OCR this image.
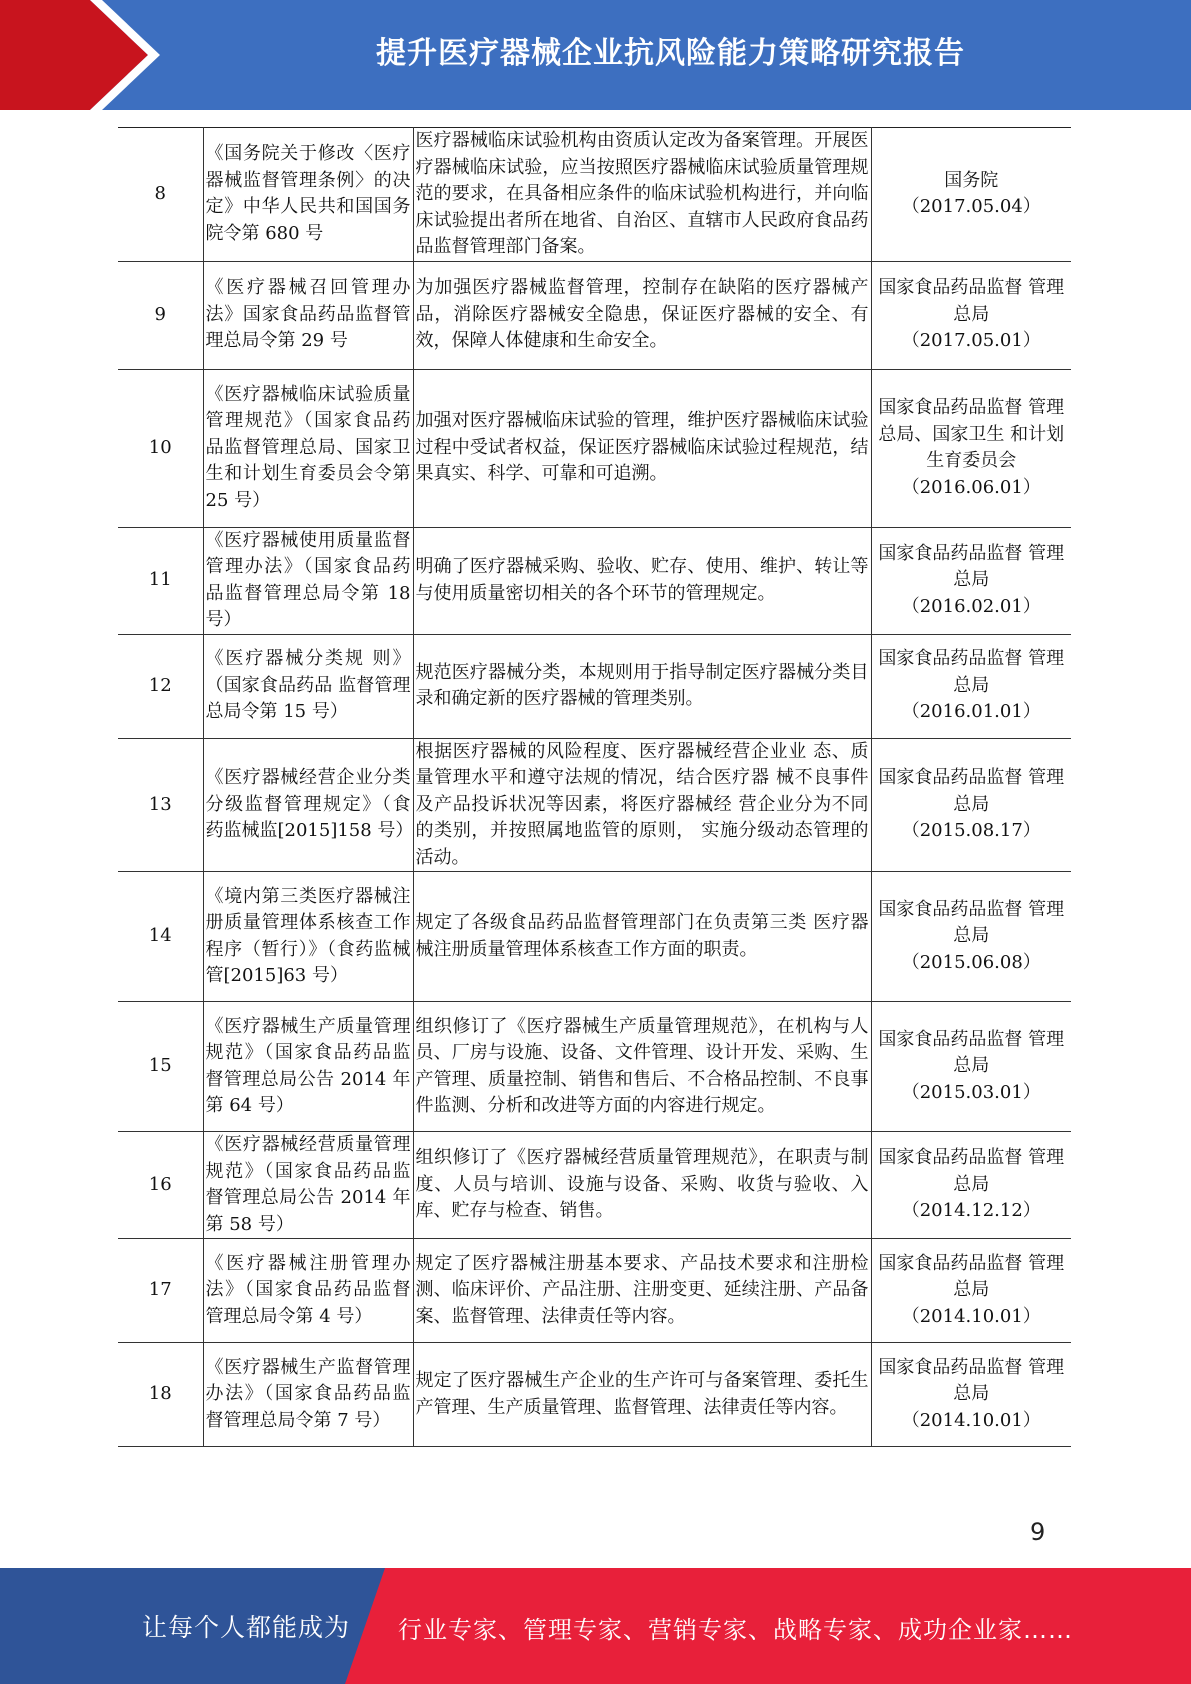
提升医疗器械企业抗风险能力策略研究报告
8	《国务院关于修改〈医疗器械监督管理条例〉的决定》中华人民共和国国务院令第 680 号	医疗器械临床试验机构由资质认定改为备案管理。开展医疗器械临床试验，应当按照医疗器械临床试验质量管理规范的要求，在具备相应条件的临床试验机构进行，并向临床试验提出者所在地省、自治区、直辖市人民政府食品药品监督管理部门备案。	国务院
（2017.05.04）

9	《医疗器械召回管理办法》国家食品药品监督管理总局令第 29 号	为加强医疗器械监督管理，控制存在缺陷的医疗器械产品，消除医疗器械安全隐患，保证医疗器械的安全、有效，保障人体健康和生命安全。	国家食品药品监督 管理总局
（2017.05.01）

10	《医疗器械临床试验质量管理规范》（国家食品药品监督管理总局、国家卫生和计划生育委员会令第 25 号）	加强对医疗器械临床试验的管理，维护医疗器械临床试验过程中受试者权益，保证医疗器械临床试验过程规范，结果真实、科学、可靠和可追溯。	国家食品药品监督 管理总局、国家卫生 和计划生育委员会
（2016.06.01）

11	《医疗器械使用质量监督管理办法》（国家食品药品监督管理总局令第 18 号）	明确了医疗器械采购、验收、贮存、使用、维护、转让等与使用质量密切相关的各个环节的管理规定。	国家食品药品监督 管理总局
（2016.02.01）

12	《医疗器械分类规 则》（国家食品药品 监督管理总局令第 15 号）	规范医疗器械分类，本规则用于指导制定医疗器械分类目录和确定新的医疗器械的管理类别。	国家食品药品监督 管理总局
（2016.01.01）

13	《医疗器械经营企业分类分级监督管理规定》（食药监械监[2015]158 号）	根据医疗器械的风险程度、医疗器械经营企业业 态、质量管理水平和遵守法规的情况，结合医疗器 械不良事件及产品投诉状况等因素，将医疗器械经 营企业分为不同的类别，并按照属地监管的原则， 实施分级动态管理的活动。	国家食品药品监督 管理总局
（2015.08.17）

14	《境内第三类医疗器械注册质量管理体系核查工作程序（暂行）》（食药监械管[2015]63 号）	规定了各级食品药品监督管理部门在负责第三类 医疗器械注册质量管理体系核查工作方面的职责。	国家食品药品监督 管理总局
（2015.06.08）

15	《医疗器械生产质量管理规范》（国家食品药品监督管理总局公告 2014 年第 64 号）	组织修订了《医疗器械生产质量管理规范》，在机构与人员、厂房与设施、设备、文件管理、设计开发、采购、生产管理、质量控制、销售和售后、不合格品控制、不良事件监测、分析和改进等方面的内容进行规定。	国家食品药品监督 管理总局
（2015.03.01）

16	《医疗器械经营质量管理规范》（国家食品药品监督管理总局公告 2014 年第 58 号）	组织修订了《医疗器械经营质量管理规范》，在职责与制度、人员与培训、设施与设备、采购、收货与验收、入库、贮存与检查、销售。	国家食品药品监督 管理总局
（2014.12.12）

17	《医疗器械注册管理办法》（国家食品药品监督管理总局令第 4 号）	规定了医疗器械注册基本要求、产品技术要求和注册检测、临床评价、产品注册、注册变更、延续注册、产品备案、监督管理、法律责任等内容。	国家食品药品监督 管理总局
（2014.10.01）

18	《医疗器械生产监督管理办法》（国家食品药品监督管理总局令第 7 号）	规定了医疗器械生产企业的生产许可与备案管理、委托生产管理、生产质量管理、监督管理、法律责任等内容。	国家食品药品监督 管理总局
（2014.10.01）
9
让每个人都能成为 行业专家、管理专家、营销专家、战略专家、成功企业家……
